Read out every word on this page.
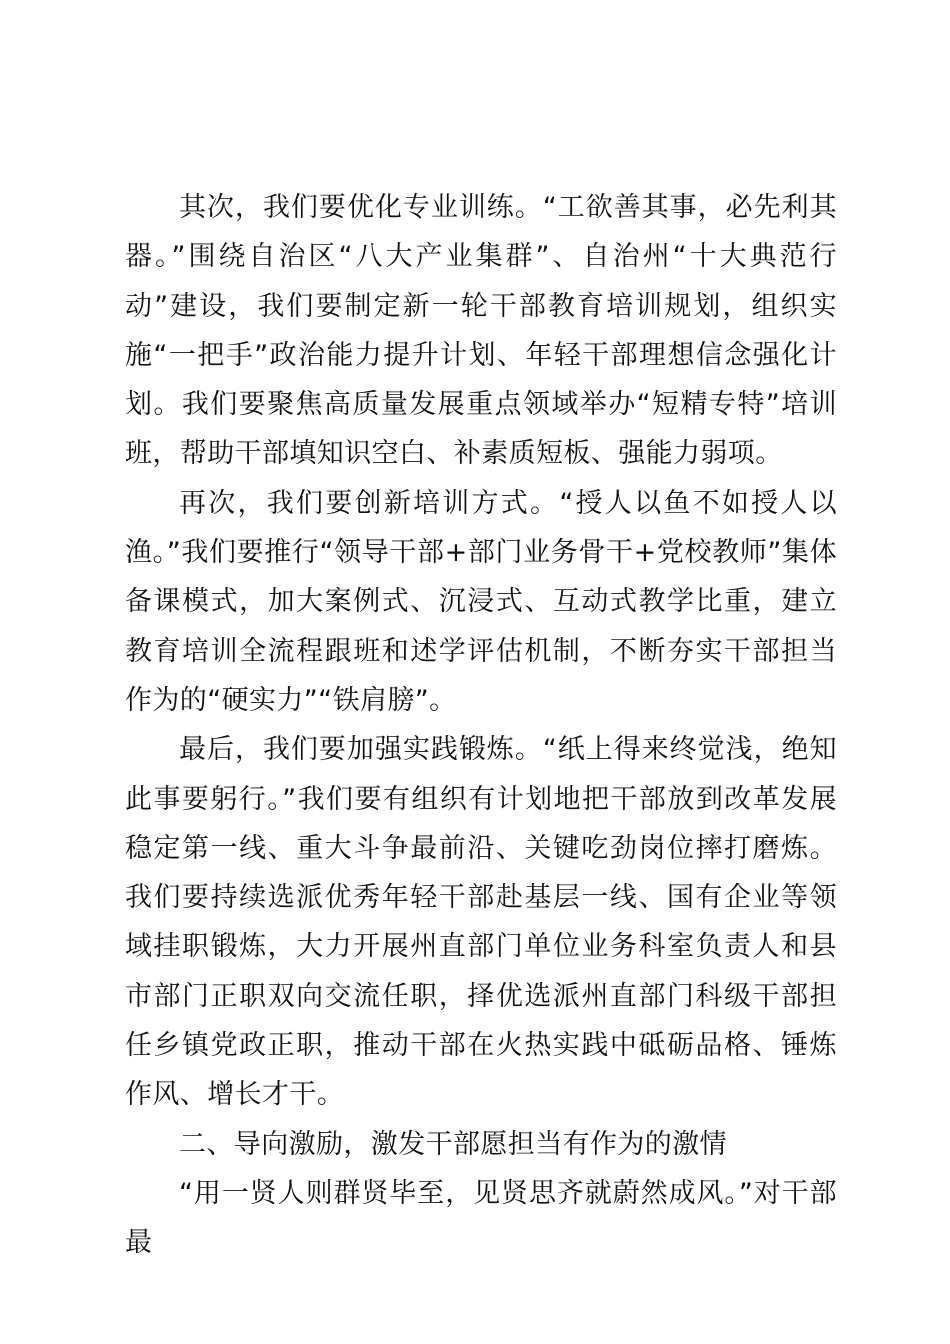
其次，我们要优化专业训练。“工欲善其事，必先利其器。”围绕自治区“八大产业集群”、自治州“十大典范行动”建设，我们要制定新一轮干部教育培训规划，组织实施“一把手”政治能力提升计划、年轻干部理想信念强化计划。我们要聚焦高质量发展重点领域举办“短精专特”培训班，帮助干部填知识空白、补素质短板、强能力弱项。

再次，我们要创新培训方式。“授人以鱼不如授人以渔。”我们要推行“领导干部+部门业务骨干+党校教师”集体备课模式，加大案例式、沉浸式、互动式教学比重，建立教育培训全流程跟班和述学评估机制，不断夯实干部担当作为的“硬实力”“铁肩膀”。

最后，我们要加强实践锻炼。“纸上得来终觉浅，绝知此事要躬行。”我们要有组织有计划地把干部放到改革发展稳定第一线、重大斗争最前沿、关键吃劲岗位摔打磨炼。我们要持续选派优秀年轻干部赴基层一线、国有企业等领域挂职锻炼，大力开展州直部门单位业务科室负责人和县市部门正职双向交流任职，择优选派州直部门科级干部担任乡镇党政正职，推动干部在火热实践中砥砺品格、锤炼作风、增长才干。

二、导向激励，激发干部愿担当有作为的激情

“用一贤人则群贤毕至，见贤思齐就蔚然成风。”对干部最
